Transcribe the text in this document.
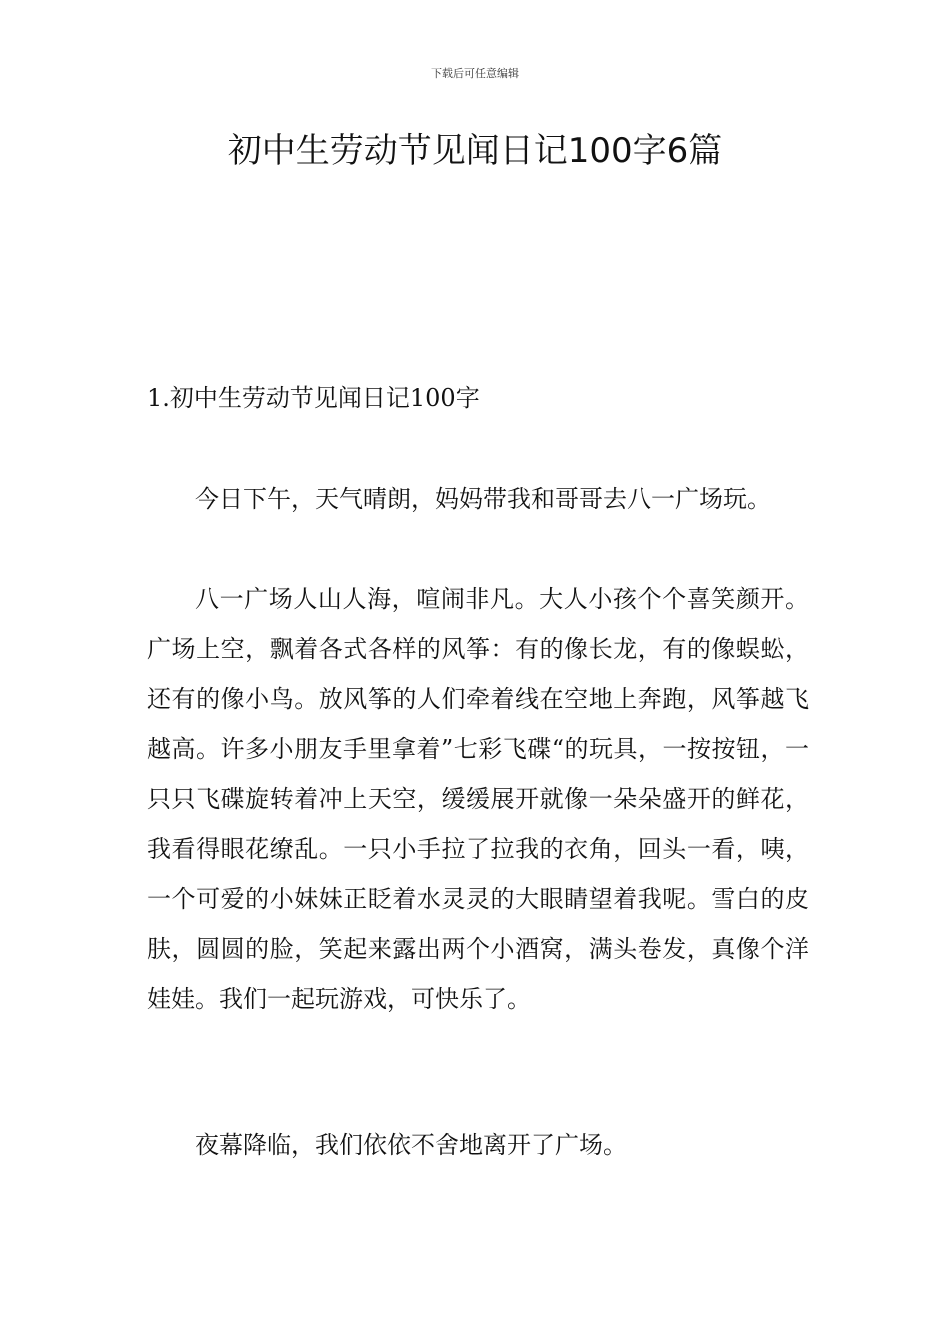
下载后可任意编辑
初中生劳动节见闻日记100字6篇
1.初中生劳动节见闻日记100字

今日下午，天气晴朗，妈妈带我和哥哥去八一广场玩。

八一广场人山人海，喧闹非凡。大人小孩个个喜笑颜开。广场上空，飘着各式各样的风筝：有的像长龙，有的像蜈蚣，还有的像小鸟。放风筝的人们牵着线在空地上奔跑，风筝越飞越高。许多小朋友手里拿着”七彩飞碟“的玩具，一按按钮，一只只飞碟旋转着冲上天空，缓缓展开就像一朵朵盛开的鲜花，我看得眼花缭乱。一只小手拉了拉我的衣角，回头一看，咦，一个可爱的小妹妹正眨着水灵灵的大眼睛望着我呢。雪白的皮肤，圆圆的脸，笑起来露出两个小酒窝，满头卷发，真像个洋娃娃。我们一起玩游戏，可快乐了。

夜幕降临，我们依依不舍地离开了广场。
